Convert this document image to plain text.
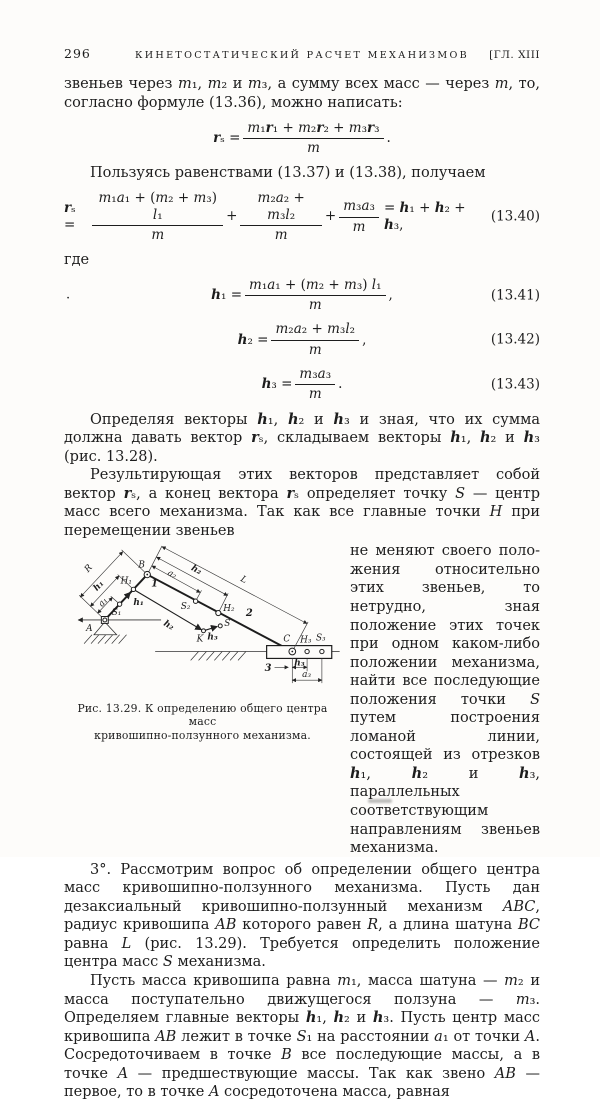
296	КИНЕТОСТАТИЧЕСКИЙ РАСЧЕТ МЕХАНИЗМОВ	[ГЛ. XIII

звеньев через m₁, m₂ и m₃, а сумму всех масс — через m, то, согласно формуле (13.36), можно написать:

$r_s = \frac{\text{m₁r₁ + m₂r₂ + m₃r₃}}{m}$ .

Пользуясь равенствами (13.37) и (13.38), получаем

rₛ =	$\frac{\text{m₁a₁ + (m₂ + m₃) l₁}}{m} + \frac{\text{m₂a₂ + m₃l₂}}{m} + \frac{\text{m₃a₃}}{m} = h_1 + h_2 + h_3$,
(13.40)

где

.	$h_1 = \frac{\text{m₁a₁ + (m₂ + m₃) l₁}}{m}$ ,	(13.41)
$h_2 = \frac{\text{m₂a₂ + m₃l₂}}{m}$ ,	(13.42)
$h_3 = \frac{\text{m₃a₃}}{m}$ .	(13.43)

Определяя векторы h₁, h₂ и h₃ и зная, что их сумма должна давать вектор rₛ, складываем векторы h₁, h₂ и h₃ (рис. 13.28).

Результирующая этих векторов представляет собой вектор rₛ, а конец вектора rₛ определяет точку S — центр масс всего механизма. Так как все главные точки H при перемещении звеньев

R
h₁
a₁
B
H₁ 1
h₁
S₁
A
a₂ h₂
L
S₂	H₂ 2
h₂
K h₃
S
C H₃ S₃
3	h₃
a₃
Рис. 13.29. К определению общего центра масс
кривошипно-ползунного механизма.

не меняют своего положения относительно этих звеньев, то нетрудно, зная положение этих точек при одном каком-либо положении механизма, найти все последующие положения точки S путем построения ломаной линии, состоящей из отрезков h₁, h₂ и h₃, параллельных соответствующим направлениям звеньев механизма.

3°. Рассмотрим вопрос об определении общего центра масс кривошипно-ползунного механизма. Пусть дан дезаксиальный кривошипно-ползунный механизм ABC, радиус кривошипа AB которого равен R, а длина шатуна BC равна L (рис. 13.29). Требуется определить положение центра масс S механизма.

Пусть масса кривошипа равна m₁, масса шатуна — m₂ и масса поступательно движущегося ползуна — m₃. Определяем главные векторы h₁, h₂ и h₃. Пусть центр масс кривошипа AB лежит в точке S₁ на расстоянии a₁ от точки A. Сосредоточиваем в точке B все последующие массы, а в точке A — предшествующие массы. Так как звено AB — первое, то в точке A сосредоточена масса, равная
